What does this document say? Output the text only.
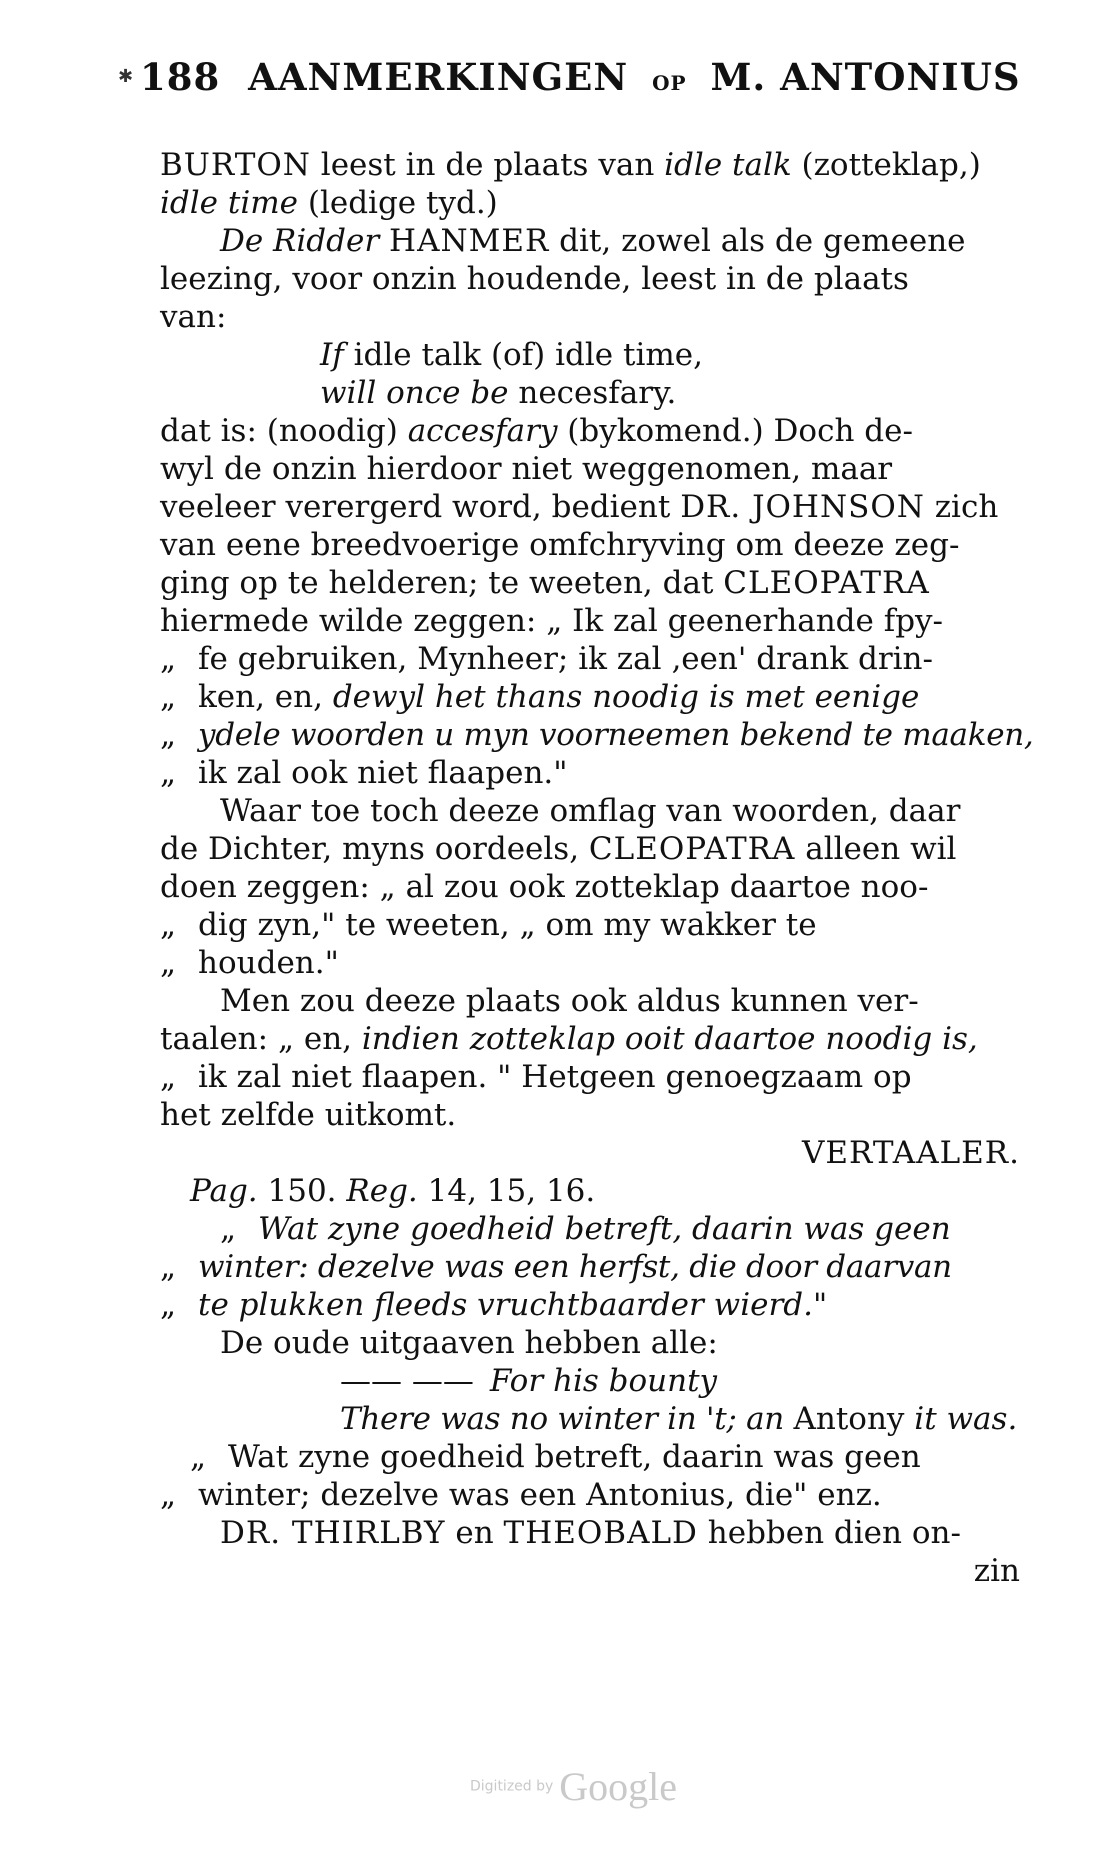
✱ 188 AANMERKINGEN OP M. ANTONIUS
BURTON leest in de plaats van idle talk (zotteklap,)
idle time (ledige tyd.)
De Ridder HANMER dit, zowel als de gemeene
leezing, voor onzin houdende, leest in de plaats
van:
If idle talk (of) idle time,
will once be necesfary.
dat is: (noodig) accesfary (bykomend.) Doch de-
wyl de onzin hierdoor niet weggenomen, maar
veeleer verergerd word, bedient DR. JOHNSON zich
van eene breedvoerige omfchryving om deeze zeg-
ging op te helderen; te weeten, dat CLEOPATRA
hiermede wilde zeggen: „ Ik zal geenerhande fpy-
„ fe gebruiken, Mynheer; ik zal ‚een' drank drin-
„ ken, en, dewyl het thans noodig is met eenige
„ ydele woorden u myn voorneemen bekend te maaken,
„ ik zal ook niet flaapen."
Waar toe toch deeze omflag van woorden, daar
de Dichter, myns oordeels, CLEOPATRA alleen wil
doen zeggen: „ al zou ook zotteklap daartoe noo-
„ dig zyn," te weeten, „ om my wakker te
„ houden."
Men zou deeze plaats ook aldus kunnen ver-
taalen: „ en, indien zotteklap ooit daartoe noodig is,
„ ik zal niet flaapen. " Hetgeen genoegzaam op
het zelfde uitkomt.
VERTAALER.
Pag. 150. Reg. 14, 15, 16.
„ Wat zyne goedheid betreft, daarin was geen
„ winter: dezelve was een herfst, die door daarvan
„ te plukken fleeds vruchtbaarder wierd."
De oude uitgaaven hebben alle:
—— —— For his bounty
There was no winter in 't; an Antony it was.
„ Wat zyne goedheid betreft, daarin was geen
„ winter; dezelve was een Antonius, die" enz.
DR. THIRLBY en THEOBALD hebben dien on-
zin
Digitized by Google
